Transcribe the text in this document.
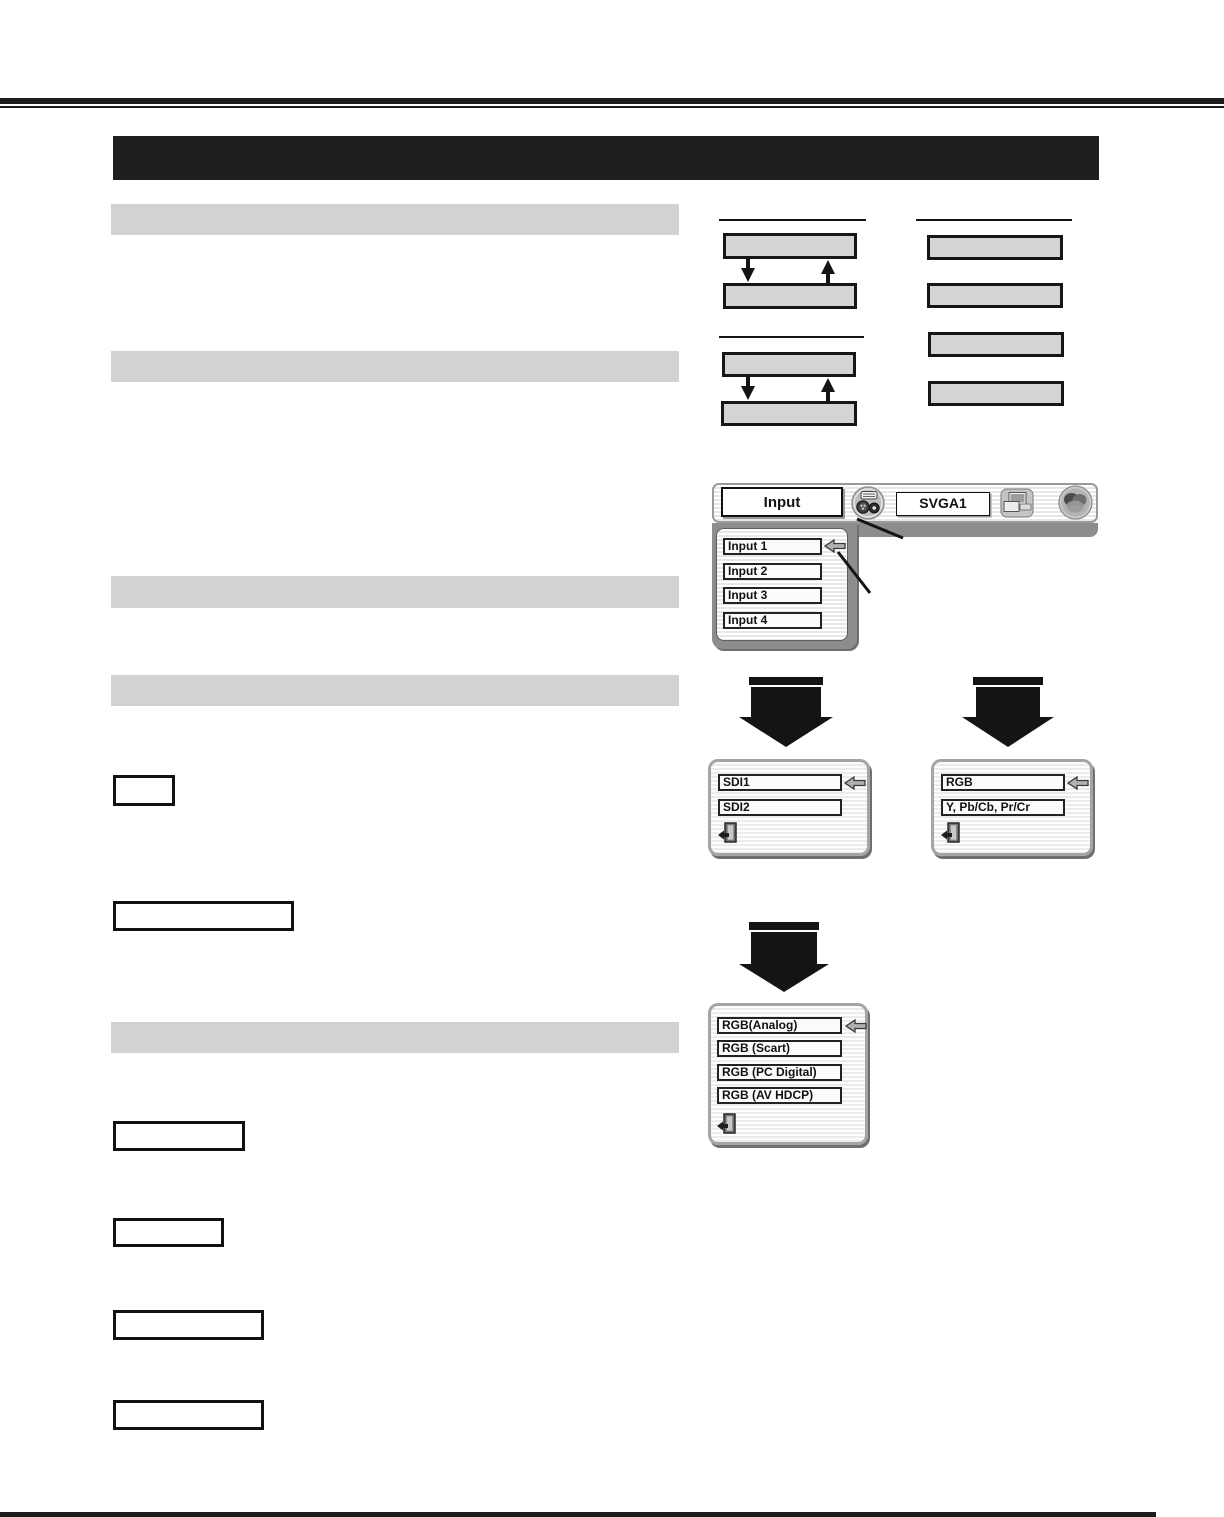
Input	SVGA1
Input 1
Input 2
Input 3
Input 4
SDI1
SDI2
RGB
Y, Pb/Cb, Pr/Cr
RGB(Analog)
RGB (Scart)
RGB (PC Digital)
RGB (AV HDCP)
